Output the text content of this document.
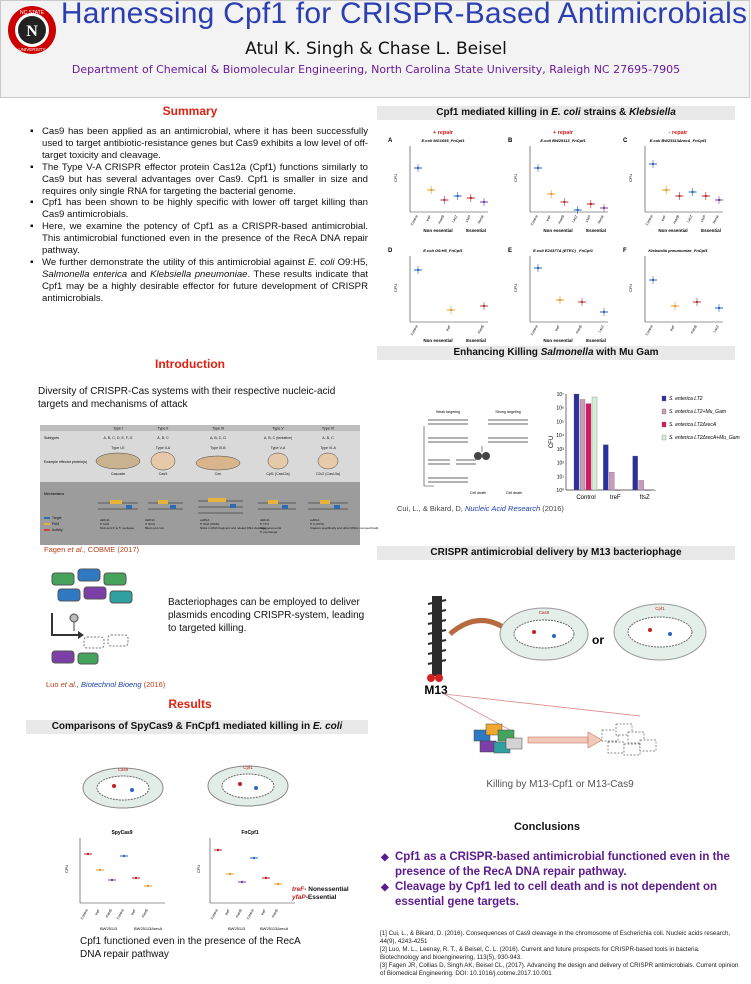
N
NC STATE
UNIVERSITY
Harnessing Cpf1 for CRISPR-Based Antimicrobials
Atul K. Singh & Chase L. Beisel
Department of Chemical & Biomolecular Engineering, North Carolina State University, Raleigh NC 27695-7905
Summary
▪ Cas9 has been applied as an antimicrobial, where it has been successfully used to target antibiotic-resistance genes but Cas9 exhibits a low level of off-target toxicity and cleavage.
▪ The Type V-A CRISPR effector protein Cas12a (Cpf1) functions similarly to Cas9 but has several advantages over Cas9. Cpf1 is smaller in size and requires only single RNA for targeting the bacterial genome.
▪ Cpf1 has been shown to be highly specific with lower off target killing than Cas9 antimicrobials.
▪ Here, we examine the potency of Cpf1 as a CRISPR-based antimicrobial. This antimicrobial functioned even in the presence of the RecA DNA repair pathway.
▪ We further demonstrate the utility of this antimicrobial against E. coli O9:H5, Salmonella enterica and Klebsiella pneumoniae. These results indicate that Cpf1 may be a highly desirable effector for future development of CRISPR antimicrobials.
Introduction
Diversity of CRISPR-Cas systems with their respective nucleic-acid targets and mechanisms of attack
Type I
A, B, C, D, E, F, G
Type I-E
Cascade
Type II
A, B, C
Type II-A
Cas9
Type III
A, B, C, D
Type III-B
Cmr
Type V
A, B, C (tentative)
Type V-A
Cpf1 (Cas12a)
Type VI
A, B, C
Type VI-A
C2c2 (Cas13a)
Subtypes
Example effector protein(s)
Mechanisms
Target
PAM
Activity
dsDNA
5' AAG
Nick and 3' to 5' nuclease
dsDNA
3' NGG
Blunt end cuts
ssRNA
5' NNA (rPAM)
Nicks in RNA fragment and related DNA cleavage
dsDNA
5' TTN
Staggered ends
5' overhangs
ssRNA
5' G (PFS)
Cleaves specifically and other RNAs nonspecifically
Fagen et al., COBME (2017)
Bacteriophages can be employed to deliver plasmids encoding CRISPR-system, leading to targeted killing.
Luo et al., Biotechnol Bioeng (2016)
Results
Comparisons of SpyCas9 & FnCpf1 mediated killing in E. coli
Cas9	Cpf1
SpyCas9	FnCpf1
CFU	CFU
Control treF manB Control treF manB	Control treF manB Control treF manB
BW25113	BW25113ΔrecA	BW25113	BW25113ΔrecA
treF- Nonessential
yfaP-Essential
Cpf1 functioned even in the presence of the RecA DNA repair pathway
Cpf1 mediated killing in E. coli strains & Klebsiella
A
+ repair
E.coli MG1655_FnCpf1
CFU
Control treF manB LacZ yfaP hemA
Non essential	Essential
B
+ repair
E.coli BW25113_FnCpf1
CFU
Control treF manB LacZ yfaP hemA
Non essential	Essential
C
- repair
E.coli BW25113ΔrecA_FnCpf1
CFU
Control treF manB LacZ yfaP hemA
Non essential	Essential
D	E.coli O9:H5_FnCpf1
CFU
Control	treF	manB
Non essential	Essential
E	E.coli E24377A (ETEC) _FnCpf1
CFU
Control	treF	manB	LacZ
Non essential	Essential
F	Klebsiella pneumoniae_FnCpf1
CFU
Control	treF	manB	LacZ
Enhancing Killing Salmonella with Mu Gam
Weak targeting	Strong targeting
Cell death	Cell death
10⁷
10⁶
10⁵
10⁴
10³
10²
10¹
10⁰
CFU
Control treF	ftsZ
S. enterica LT2
S. enterica LT2+Mu_Gam
S. enterica LT2ΔrecA
S. enterica LT2ΔrecA+Mu_Gam
Cui, L., & Bikard, D, Nucleic Acid Research (2016)
CRISPR antimicrobial delivery by M13 bacteriophage
M13
Cas9
or
Cpf1
Killing by M13-Cpf1 or M13-Cas9
Conclusions
◆ Cpf1 as a CRISPR-based antimicrobial functioned even in the presence of the RecA DNA repair pathway.
◆ Cleavage by Cpf1 led to cell death and is not dependent on essential gene targets.
[1] Cui, L., & Bikard, D. (2016). Consequences of Cas9 cleavage in the chromosome of Escherichia coli. Nucleic acids research, 44(9), 4243-4251
[2] Luo, M. L., Leenay, R. T., & Beisel, C. L. (2016). Current and future prospects for CRISPR-based tools in bacteria. Biotechnology and bioengineering, 113(5), 930-943.
[3] Fagen JR, Collias D, Singh AK, Beisel CL, (2017). Advancing the design and delivery of CRISPR antimicrobials. Current opinion of Biomedical Engineering. DOI: 10.1016/j.cobme.2017.10.001
